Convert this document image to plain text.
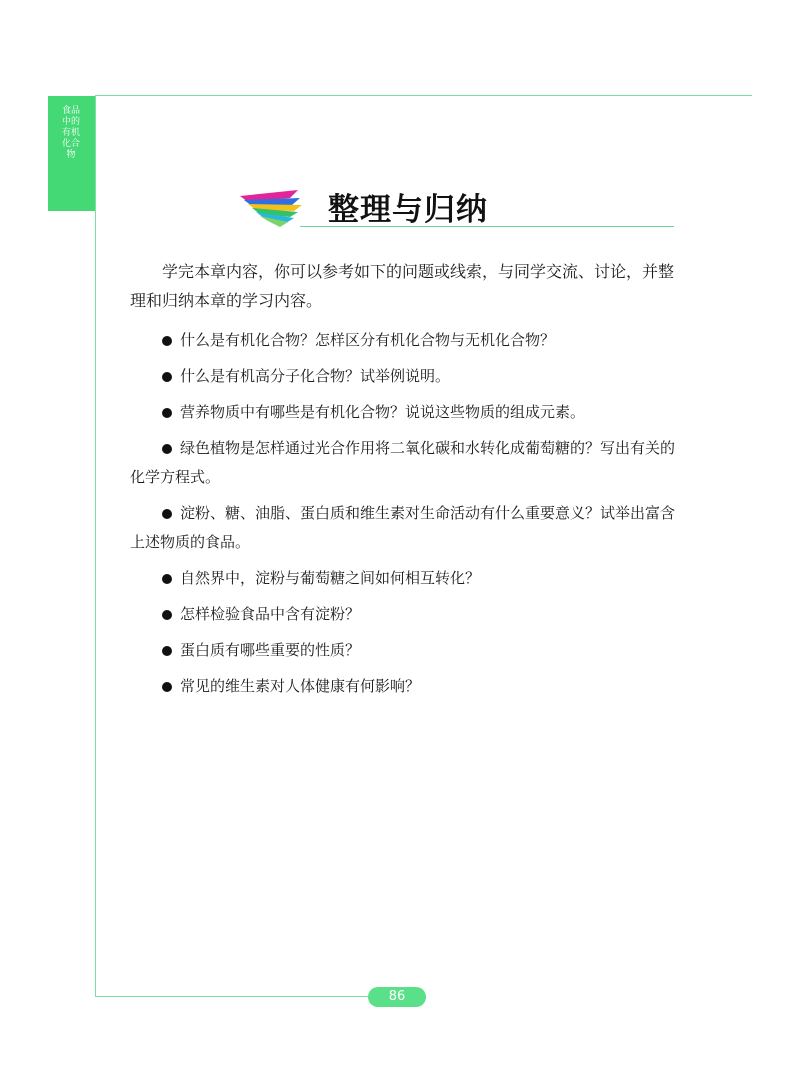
食品中的有机化合物
整理与归纳

学完本章内容，你可以参考如下的问题或线索，与同学交流、讨论，并整理和归纳本章的学习内容。

什么是有机化合物？怎样区分有机化合物与无机化合物？
什么是有机高分子化合物？试举例说明。
营养物质中有哪些是有机化合物？说说这些物质的组成元素。
绿色植物是怎样通过光合作用将二氧化碳和水转化成葡萄糖的？写出有关的化学方程式。
淀粉、糖、油脂、蛋白质和维生素对生命活动有什么重要意义？试举出富含上述物质的食品。
自然界中，淀粉与葡萄糖之间如何相互转化？
怎样检验食品中含有淀粉？
蛋白质有哪些重要的性质？
常见的维生素对人体健康有何影响？
86
